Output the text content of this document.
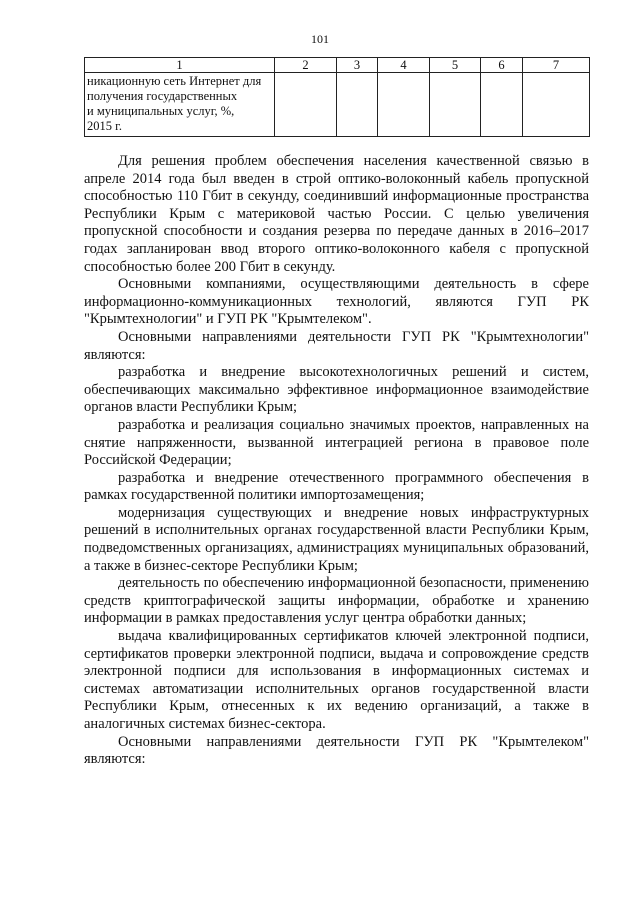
101
1	2	3	4	5	6	7

никационную сеть Интернет для
получения государственных
и муниципальных услуг, %,
2015 г.						

Для решения проблем обеспечения населения качественной связью в апреле 2014 года был введен в строй оптико-волоконный кабель пропускной способностью 110 Гбит в секунду, соединивший информационные пространства Республики Крым с материковой частью России. С целью увеличения пропускной способности и создания резерва по передаче данных в 2016–2017 годах запланирован ввод второго оптико-волоконного кабеля с пропускной способностью более 200 Гбит в секунду.

Основными компаниями, осуществляющими деятельность в сфере информационно-коммуникационных технологий, являются ГУП РК "Крымтехнологии" и ГУП РК "Крымтелеком".

Основными направлениями деятельности ГУП РК "Крымтехнологии" являются:

разработка и внедрение высокотехнологичных решений и систем, обеспечивающих максимально эффективное информационное взаимодействие органов власти Республики Крым;

разработка и реализация социально значимых проектов, направленных на снятие напряженности, вызванной интеграцией региона в правовое поле Российской Федерации;

разработка и внедрение отечественного программного обеспечения в рамках государственной политики импортозамещения;

модернизация существующих и внедрение новых инфраструктурных решений в исполнительных органах государственной власти Республики Крым, подведомственных организациях, администрациях муниципальных образований, а также в бизнес-секторе Республики Крым;

деятельность по обеспечению информационной безопасности, применению средств криптографической защиты информации, обработке и хранению информации в рамках предоставления услуг центра обработки данных;

выдача квалифицированных сертификатов ключей электронной подписи, сертификатов проверки электронной подписи, выдача и сопровождение средств электронной подписи для использования в информационных системах и системах автоматизации исполнительных органов государственной власти Республики Крым, отнесенных к их ведению организаций, а также в аналогичных системах бизнес-сектора.

Основными направлениями деятельности ГУП РК "Крымтелеком" являются:
